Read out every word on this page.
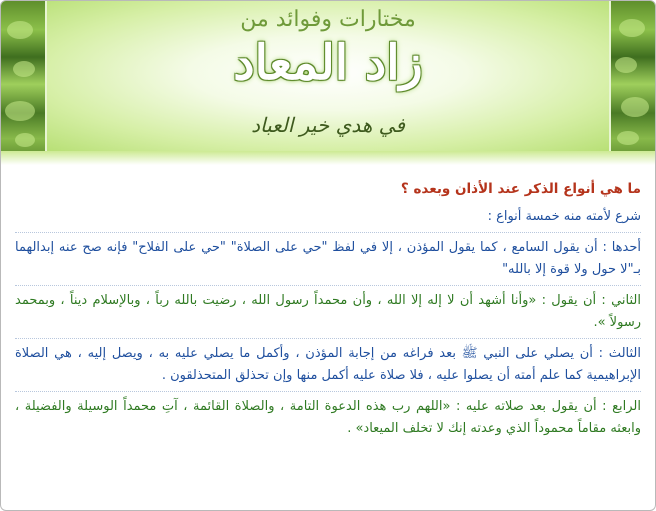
مختارات وفوائد من
زاد المعاد
في هدي خير العباد

ما هي أنواع الذكر عند الأذان وبعده ؟

شرع لأمته منه خمسة أنواع :

أحدها : أن يقول السامع ، كما يقول المؤذن ، إلا في لفظ "حي على الصلاة" "حي على الفلاح" فإنه صح عنه إبدالهما بـ"لا حول ولا قوة إلا بالله"

الثاني : أن يقول : «وأنا أشهد أن لا إله إلا الله ، وأن محمداً رسول الله ، رضيت بالله رباً ، وبالإسلام ديناً ، وبمحمد رسولاً ».

الثالث : أن يصلي على النبي ﷺ بعد فراغه من إجابة المؤذن ، وأكمل ما يصلي عليه به ، ويصل إليه ، هي الصلاة الإبراهيمية كما علم أمته أن يصلوا عليه ، فلا صلاة عليه أكمل منها وإن تحذلق المتحذلقون .

الرابع : أن يقول بعد صلاته عليه : «اللهم رب هذه الدعوة التامة ، والصلاة القائمة ، آتِ محمداً الوسيلة والفضيلة ، وابعثه مقاماً محموداً الذي وعدته إنك لا تخلف الميعاد» .
